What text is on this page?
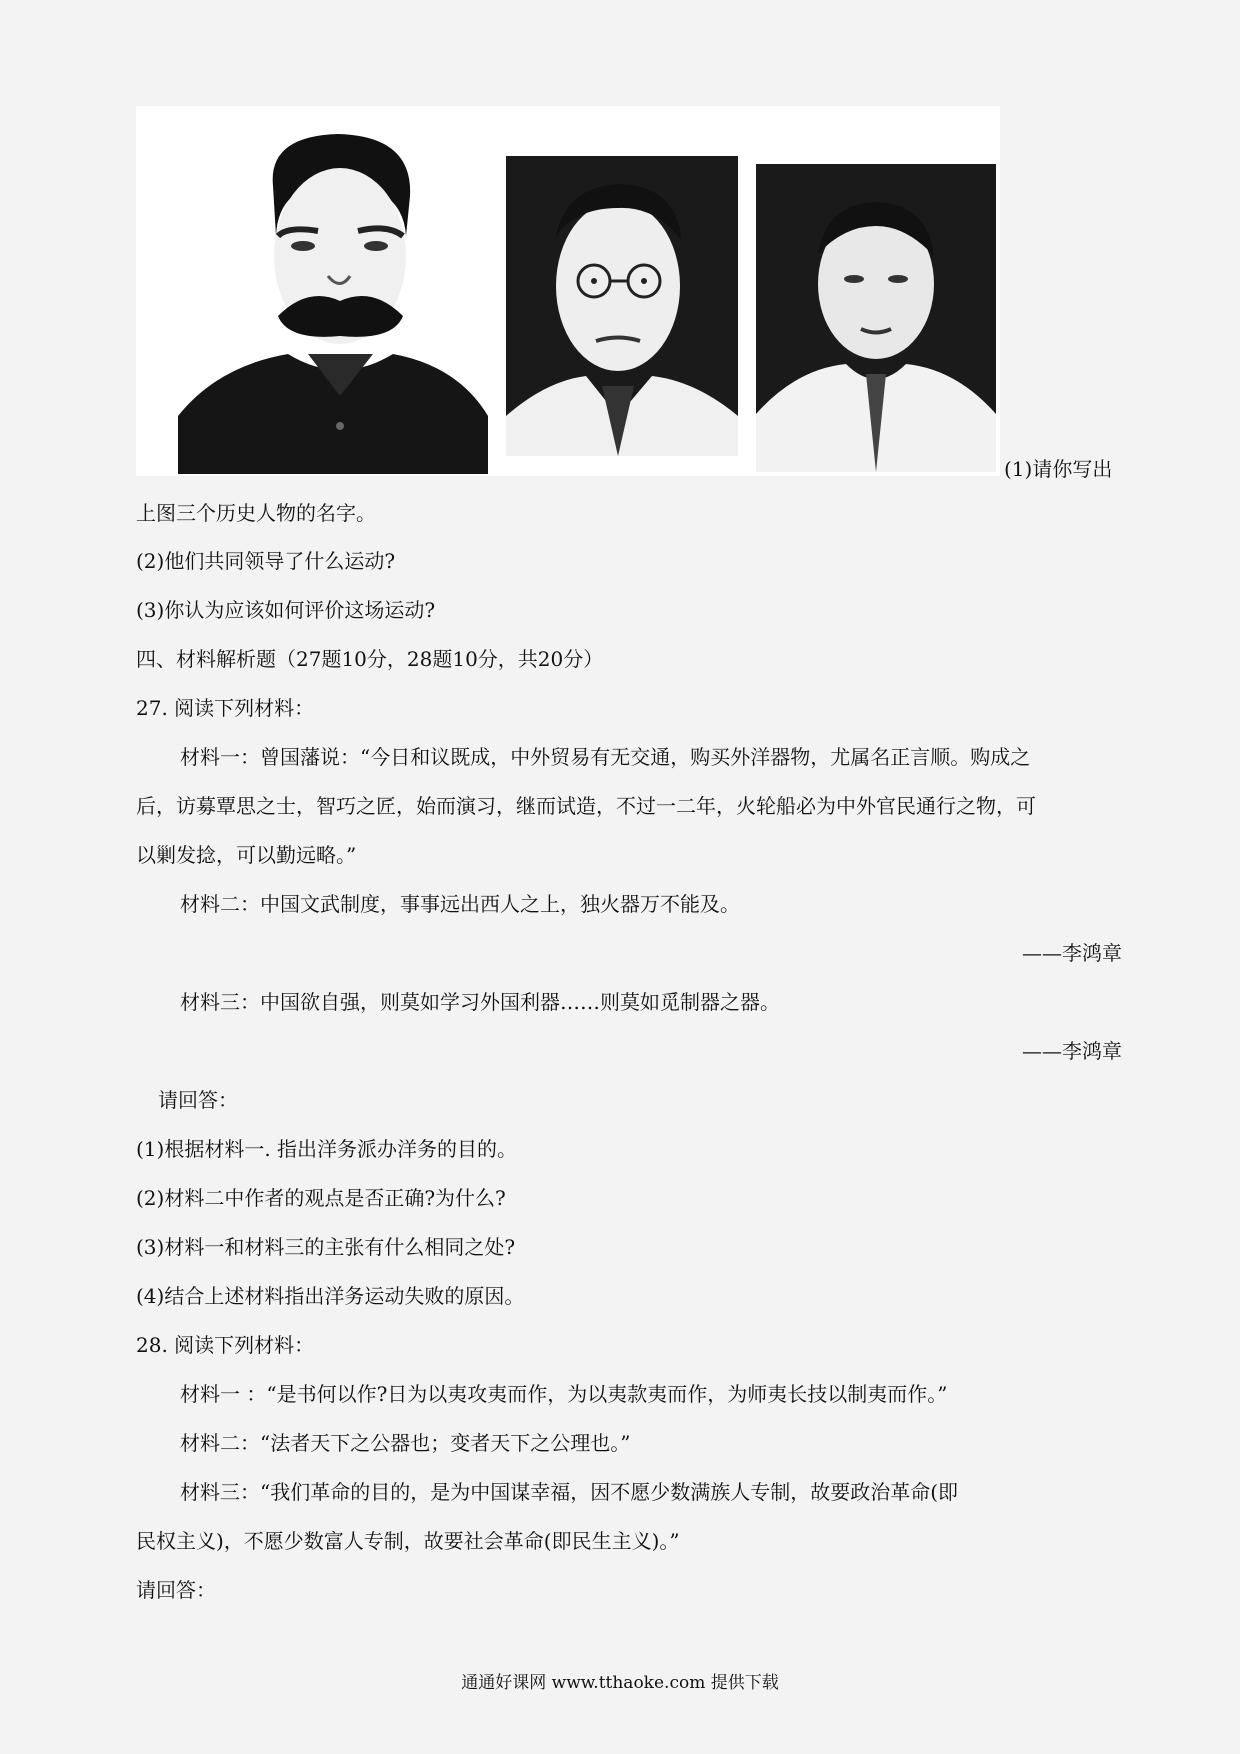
(1)请你写出
上图三个历史人物的名字。
(2)他们共同领导了什么运动?
(3)你认为应该如何评价这场运动?
四、材料解析题（27题10分，28题10分，共20分）
27. 阅读下列材料：
材料一：曾国藩说：“今日和议既成，中外贸易有无交通，购买外洋器物，尤属名正言顺。购成之
后，访募覃思之士，智巧之匠，始而演习，继而试造，不过一二年，火轮船必为中外官民通行之物，可
以剿发捻，可以勤远略。”
材料二：中国文武制度，事事远出西人之上，独火器万不能及。
——李鸿章
材料三：中国欲自强，则莫如学习外国利器……则莫如觅制器之器。
——李鸿章
请回答：
(1)根据材料一. 指出洋务派办洋务的目的。
(2)材料二中作者的观点是否正确?为什么?
(3)材料一和材料三的主张有什么相同之处?
(4)结合上述材料指出洋务运动失败的原因。
28. 阅读下列材料：
材料一 ：“是书何以作?日为以夷攻夷而作，为以夷款夷而作，为师夷长技以制夷而作。”
材料二：“法者天下之公器也；变者天下之公理也。”
材料三：“我们革命的目的，是为中国谋幸福，因不愿少数满族人专制，故要政治革命(即
民权主义)，不愿少数富人专制，故要社会革命(即民生主义)。”
请回答：
通通好课网 www.tthaoke.com 提供下载
